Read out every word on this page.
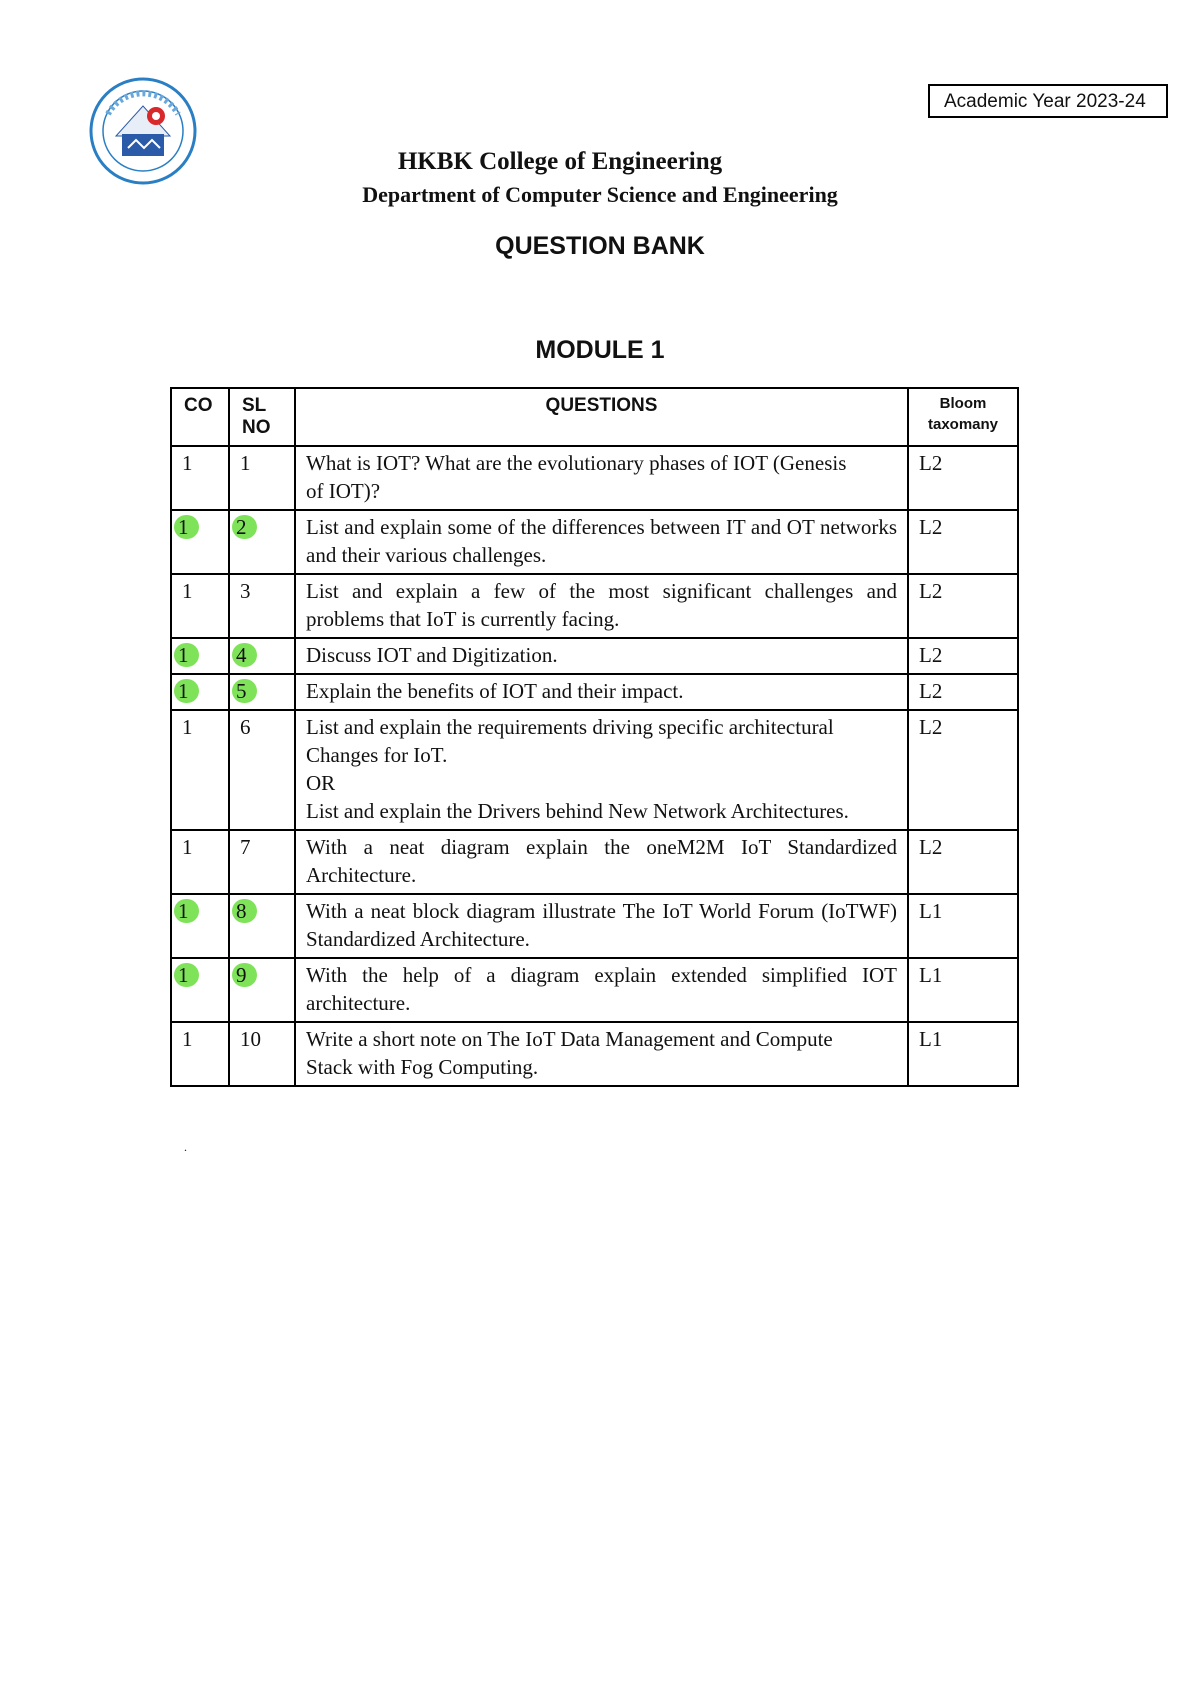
Academic Year 2023-24
HKBK College of Engineering
Department of Computer Science and Engineering
QUESTION BANK
MODULE 1
CO	SL NO	QUESTIONS	Bloom taxomany
1	1	What is IOT? What are the evolutionary phases of IOT (Genesis
of IOT)?	L2
1	2	List and explain some of the differences between IT and OT networks and their various challenges.	L2
1	3	List and explain a few of the most significant challenges and problems that IoT is currently facing.	L2
1	4	Discuss IOT and Digitization.	L2
1	5	Explain the benefits of IOT and their impact.	L2
1	6	List and explain the requirements driving specific architectural
Changes for IoT.
OR
List and explain the Drivers behind New Network Architectures.	L2
1	7	With a neat diagram explain the oneM2M IoT Standardized Architecture.	L2
1	8	With a neat block diagram illustrate The IoT World Forum (IoTWF) Standardized Architecture.	L1
1	9	With the help of a diagram explain extended simplified IOT architecture.	L1
1	10	Write a short note on The IoT Data Management and Compute
Stack with Fog Computing.	L1
.
